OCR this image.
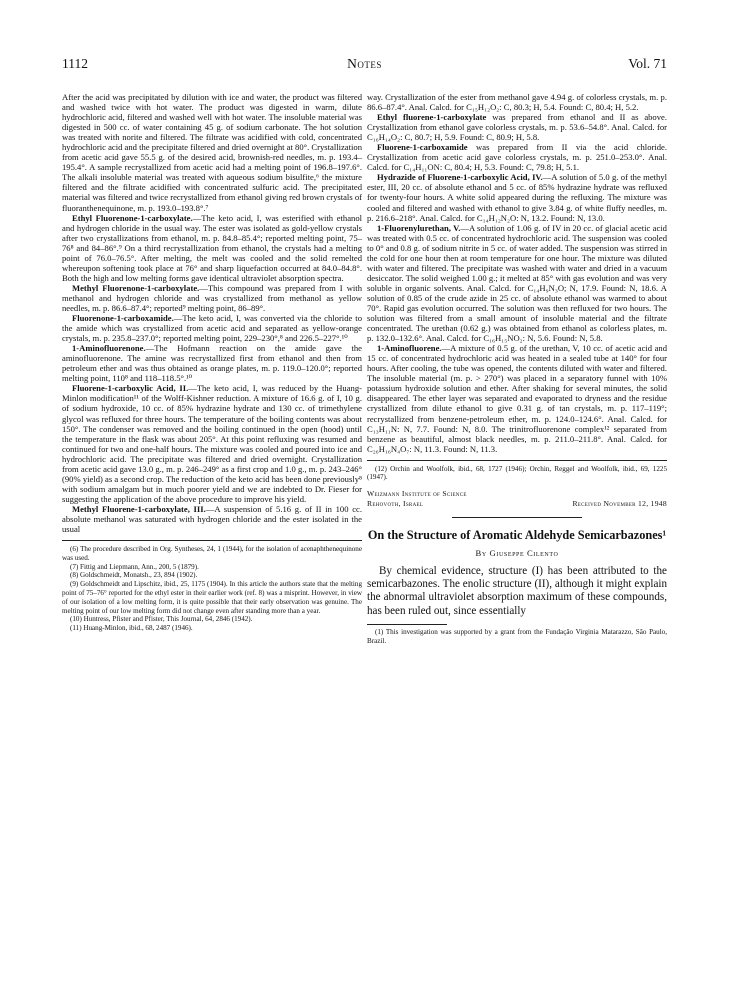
1112	Notes	Vol. 71

After the acid was precipitated by dilution with ice and water, the product was filtered and washed twice with hot water. The product was digested in warm, dilute hydrochloric acid, filtered and washed well with hot water. The insoluble material was digested in 500 cc. of water containing 45 g. of sodium carbonate. The hot solution was treated with norite and filtered. The filtrate was acidified with cold, concentrated hydrochloric acid and the precipitate filtered and dried overnight at 80°. Crystallization from acetic acid gave 55.5 g. of the desired acid, brownish-red needles, m. p. 193.4–195.4°. A sample recrystallized from acetic acid had a melting point of 196.8–197.6°. The alkali insoluble material was treated with aqueous sodium bisulfite,⁶ the mixture filtered and the filtrate acidified with concentrated sulfuric acid. The precipitated material was filtered and twice recrystallized from ethanol giving red brown crystals of fluoranthenequinone, m. p. 193.0–193.8°.⁷

Ethyl Fluorenone-1-carboxylate.—The keto acid, I, was esterified with ethanol and hydrogen chloride in the usual way. The ester was isolated as gold-yellow crystals after two crystallizations from ethanol, m. p. 84.8–85.4°; reported melting point, 75–76⁸ and 84–86°.⁹ On a third recrystallization from ethanol, the crystals had a melting point of 76.0–76.5°. After melting, the melt was cooled and the solid remelted whereupon softening took place at 76° and sharp liquefaction occurred at 84.0–84.8°. Both the high and low melting forms gave identical ultraviolet absorption spectra.

Methyl Fluorenone-1-carboxylate.—This compound was prepared from I with methanol and hydrogen chloride and was crystallized from methanol as yellow needles, m. p. 86.6–87.4°; reported⁹ melting point, 86–89°.

Fluorenone-1-carboxamide.—The keto acid, I, was converted via the chloride to the amide which was crystallized from acetic acid and separated as yellow-orange crystals, m. p. 235.8–237.0°; reported melting point, 229–230°,⁸ and 226.5–227°.¹⁰

1-Aminofluorenone.—The Hofmann reaction on the amide gave the aminofluorenone. The amine was recrystallized first from ethanol and then from petroleum ether and was thus obtained as orange plates, m. p. 119.0–120.0°; reported melting point, 110⁸ and 118–118.5°.¹⁰

Fluorene-1-carboxylic Acid, II.—The keto acid, I, was reduced by the Huang-Minlon modification¹¹ of the Wolff-Kishner reduction. A mixture of 16.6 g. of I, 10 g. of sodium hydroxide, 10 cc. of 85% hydrazine hydrate and 130 cc. of trimethylene glycol was refluxed for three hours. The temperature of the boiling contents was about 150°. The condenser was removed and the boiling continued in the open (hood) until the temperature in the flask was about 205°. At this point refluxing was resumed and continued for two and one-half hours. The mixture was cooled and poured into ice and hydrochloric acid. The precipitate was filtered and dried overnight. Crystallization from acetic acid gave 13.0 g., m. p. 246–249° as a first crop and 1.0 g., m. p. 243–246° (90% yield) as a second crop. The reduction of the keto acid has been done previously⁸ with sodium amalgam but in much poorer yield and we are indebted to Dr. Fieser for suggesting the application of the above procedure to improve his yield.

Methyl Fluorene-1-carboxylate, III.—A suspension of 5.16 g. of II in 100 cc. absolute methanol was saturated with hydrogen chloride and the ester isolated in the usual

(6) The procedure described in Org. Syntheses, 24, 1 (1944), for the isolation of acenaphthenequinone was used.

(7) Fittig and Liepmann, Ann., 200, 5 (1879).

(8) Goldschmeidt, Monatsh., 23, 894 (1902).

(9) Goldschmeidt and Lipschitz, ibid., 25, 1175 (1904). In this article the authors state that the melting point of 75–76° reported for the ethyl ester in their earlier work (ref. 8) was a misprint. However, in view of our isolation of a low melting form, it is quite possible that their early observation was genuine. The melting point of our low melting form did not change even after standing more than a year.

(10) Huntress, Pfister and Pfister, This Journal, 64, 2846 (1942).

(11) Huang-Minlon, ibid., 68, 2487 (1946).

way. Crystallization of the ester from methanol gave 4.94 g. of colorless crystals, m. p. 86.6–87.4°. Anal. Calcd. for C₁₅H₁₂O₂: C, 80.3; H, 5.4. Found: C, 80.4; H, 5.2.

Ethyl fluorene-1-carboxylate was prepared from ethanol and II as above. Crystallization from ethanol gave colorless crystals, m. p. 53.6–54.8°. Anal. Calcd. for C₁₆H₁₄O₂: C, 80.7; H, 5.9. Found: C, 80.9; H, 5.8.

Fluorene-1-carboxamide was prepared from II via the acid chloride. Crystallization from acetic acid gave colorless crystals, m. p. 251.0–253.0°. Anal. Calcd. for C₁₄H₁₁ON: C, 80.4; H, 5.3. Found: C, 79.8; H, 5.1.

Hydrazide of Fluorene-1-carboxylic Acid, IV.—A solution of 5.0 g. of the methyl ester, III, 20 cc. of absolute ethanol and 5 cc. of 85% hydrazine hydrate was refluxed for twenty-four hours. A white solid appeared during the refluxing. The mixture was cooled and filtered and washed with ethanol to give 3.84 g. of white fluffy needles, m. p. 216.6–218°. Anal. Calcd. for C₁₄H₁₂N₂O: N, 13.2. Found: N, 13.0.

1-Fluorenylurethan, V.—A solution of 1.06 g. of IV in 20 cc. of glacial acetic acid was treated with 0.5 cc. of concentrated hydrochloric acid. The suspension was cooled to 0° and 0.8 g. of sodium nitrite in 5 cc. of water added. The suspension was stirred in the cold for one hour then at room temperature for one hour. The mixture was diluted with water and filtered. The precipitate was washed with water and dried in a vacuum desiccator. The solid weighed 1.00 g.; it melted at 85° with gas evolution and was very soluble in organic solvents. Anal. Calcd. for C₁₄H₉N₃O; N, 17.9. Found: N, 18.6. A solution of 0.85 of the crude azide in 25 cc. of absolute ethanol was warmed to about 70°. Rapid gas evolution occurred. The solution was then refluxed for two hours. The solution was filtered from a small amount of insoluble material and the filtrate concentrated. The urethan (0.62 g.) was obtained from ethanol as colorless plates, m. p. 132.0–132.6°. Anal. Calcd. for C₁₆H₁₅NO₂: N, 5.6. Found: N, 5.8.

1-Aminofluorene.—A mixture of 0.5 g. of the urethan, V, 10 cc. of acetic acid and 15 cc. of concentrated hydrochloric acid was heated in a sealed tube at 140° for four hours. After cooling, the tube was opened, the contents diluted with water and filtered. The insoluble material (m. p. > 270°) was placed in a separatory funnel with 10% potassium hydroxide solution and ether. After shaking for several minutes, the solid disappeared. The ether layer was separated and evaporated to dryness and the residue crystallized from dilute ethanol to give 0.31 g. of tan crystals, m. p. 117–119°; recrystallized from benzene-petroleum ether, m. p. 124.0–124.6°. Anal. Calcd. for C₁₃H₁₁N: N, 7.7. Found: N, 8.0. The trinitrofluorenone complex¹² separated from benzene as beautiful, almost black needles, m. p. 211.0–211.8°. Anal. Calcd. for C₂₆H₁₆N₄O₇: N, 11.3. Found: N, 11.3.

(12) Orchin and Woolfolk, ibid., 68, 1727 (1946); Orchin, Reggel and Woolfolk, ibid., 69, 1225 (1947).

Weizmann Institute of Science
Rehovoth, Israel	Received November 12, 1948
On the Structure of Aromatic Aldehyde Semicarbazones¹
By Giuseppe Cilento

By chemical evidence, structure (I) has been attributed to the semicarbazones. The enolic structure (II), although it might explain the abnormal ultraviolet absorption maximum of these compounds, has been ruled out, since essentially

(1) This investigation was supported by a grant from the Fundação Virginia Matarazzo, São Paulo, Brazil.
